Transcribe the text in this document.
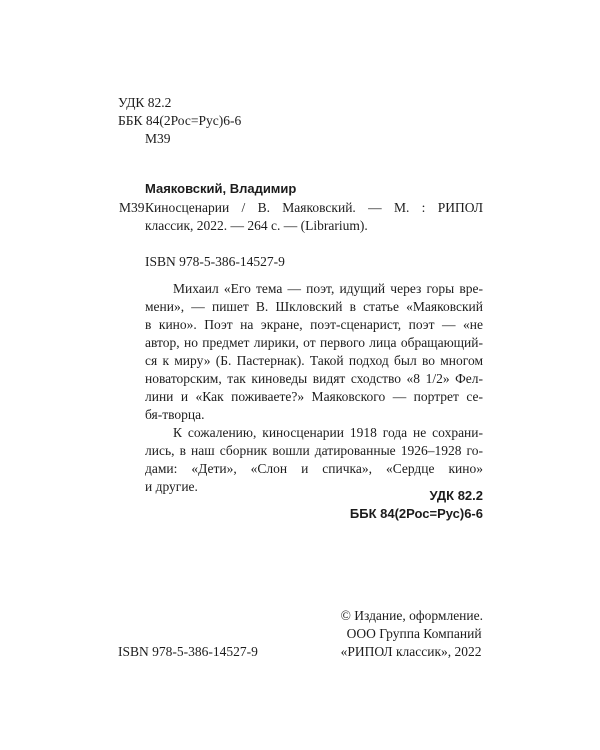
УДК 82.2
ББК 84(2Рос=Рус)6-6
М39
Маяковский, Владимир
М39 Киносценарии / В. Маяковский. — М. : РИПОЛ
классик, 2022. — 264 с. — (Librarium).
ISBN 978-5-386-14527-9
Михаил «Его тема — поэт, идущий через горы вре-
мени», — пишет В. Шкловский в статье «Маяковский
в кино». Поэт на экране, поэт-сценарист, поэт — «не
автор, но предмет лирики, от первого лица обращающий-
ся к миру» (Б. Пастернак). Такой подход был во многом
новаторским, так киноведы видят сходство «8 1/2» Фел-
лини и «Как поживаете?» Маяковского — портрет се-
бя-творца.
К сожалению, киносценарии 1918 года не сохрани-
лись, в наш сборник вошли датированные 1926–1928 го-
дами: «Дети», «Слон и спичка», «Сердце кино»
и другие.
УДК 82.2
ББК 84(2Рос=Рус)6-6
© Издание, оформление.
ООО Группа Компаний
«РИПОЛ классик», 2022
ISBN 978-5-386-14527-9
